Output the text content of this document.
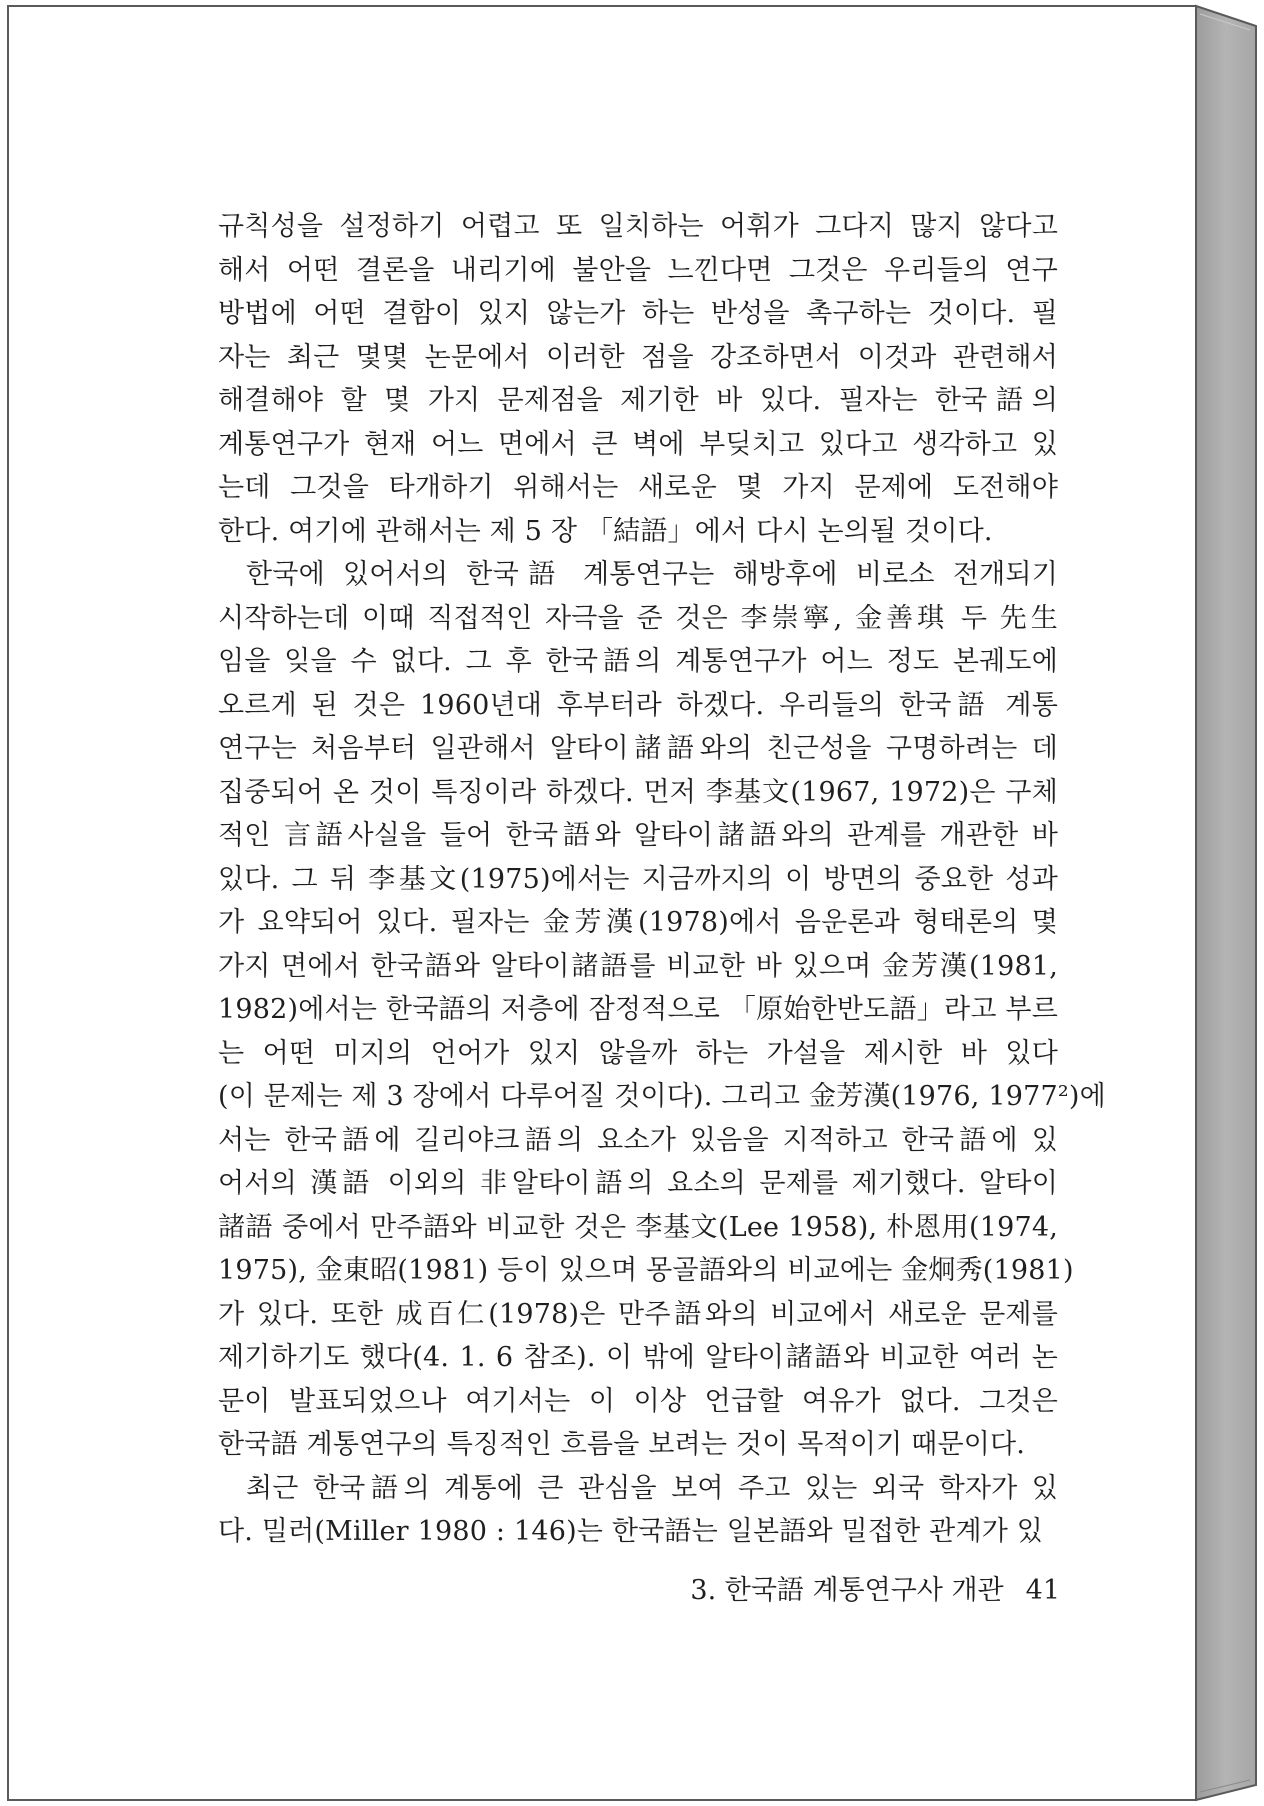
규칙성을 설정하기 어렵고 또 일치하는 어휘가 그다지 많지 않다고
해서 어떤 결론을 내리기에 불안을 느낀다면 그것은 우리들의 연구
방법에 어떤 결함이 있지 않는가 하는 반성을 촉구하는 것이다. 필
자는 최근 몇몇 논문에서 이러한 점을 강조하면서 이것과 관련해서
해결해야 할 몇 가지 문제점을 제기한 바 있다. 필자는 한국語의
계통연구가 현재 어느 면에서 큰 벽에 부딪치고 있다고 생각하고 있
는데 그것을 타개하기 위해서는 새로운 몇 가지 문제에 도전해야
한다. 여기에 관해서는 제 5 장 「結語」에서 다시 논의될 것이다.
한국에 있어서의 한국語 계통연구는 해방후에 비로소 전개되기
시작하는데 이때 직접적인 자극을 준 것은 李崇寧, 金善琪 두 先生
임을 잊을 수 없다. 그 후 한국語의 계통연구가 어느 정도 본궤도에
오르게 된 것은 1960년대 후부터라 하겠다. 우리들의 한국語 계통
연구는 처음부터 일관해서 알타이諸語와의 친근성을 구명하려는 데
집중되어 온 것이 특징이라 하겠다. 먼저 李基文(1967, 1972)은 구체
적인 言語사실을 들어 한국語와 알타이諸語와의 관계를 개관한 바
있다. 그 뒤 李基文(1975)에서는 지금까지의 이 방면의 중요한 성과
가 요약되어 있다. 필자는 金芳漢(1978)에서 음운론과 형태론의 몇
가지 면에서 한국語와 알타이諸語를 비교한 바 있으며 金芳漢(1981,
1982)에서는 한국語의 저층에 잠정적으로 「原始한반도語」라고 부르
는 어떤 미지의 언어가 있지 않을까 하는 가설을 제시한 바 있다
(이 문제는 제 3 장에서 다루어질 것이다). 그리고 金芳漢(1976, 1977²)에
서는 한국語에 길리야크語의 요소가 있음을 지적하고 한국語에 있
어서의 漢語 이외의 非알타이語의 요소의 문제를 제기했다. 알타이
諸語 중에서 만주語와 비교한 것은 李基文(Lee 1958), 朴恩用(1974,
1975), 金東昭(1981) 등이 있으며 몽골語와의 비교에는 金炯秀(1981)
가 있다. 또한 成百仁(1978)은 만주語와의 비교에서 새로운 문제를
제기하기도 했다(4. 1. 6 참조). 이 밖에 알타이諸語와 비교한 여러 논
문이 발표되었으나 여기서는 이 이상 언급할 여유가 없다. 그것은
한국語 계통연구의 특징적인 흐름을 보려는 것이 목적이기 때문이다.
최근 한국語의 계통에 큰 관심을 보여 주고 있는 외국 학자가 있
다. 밀러(Miller 1980 : 146)는 한국語는 일본語와 밀접한 관계가 있
3. 한국語 계통연구사 개관 41
